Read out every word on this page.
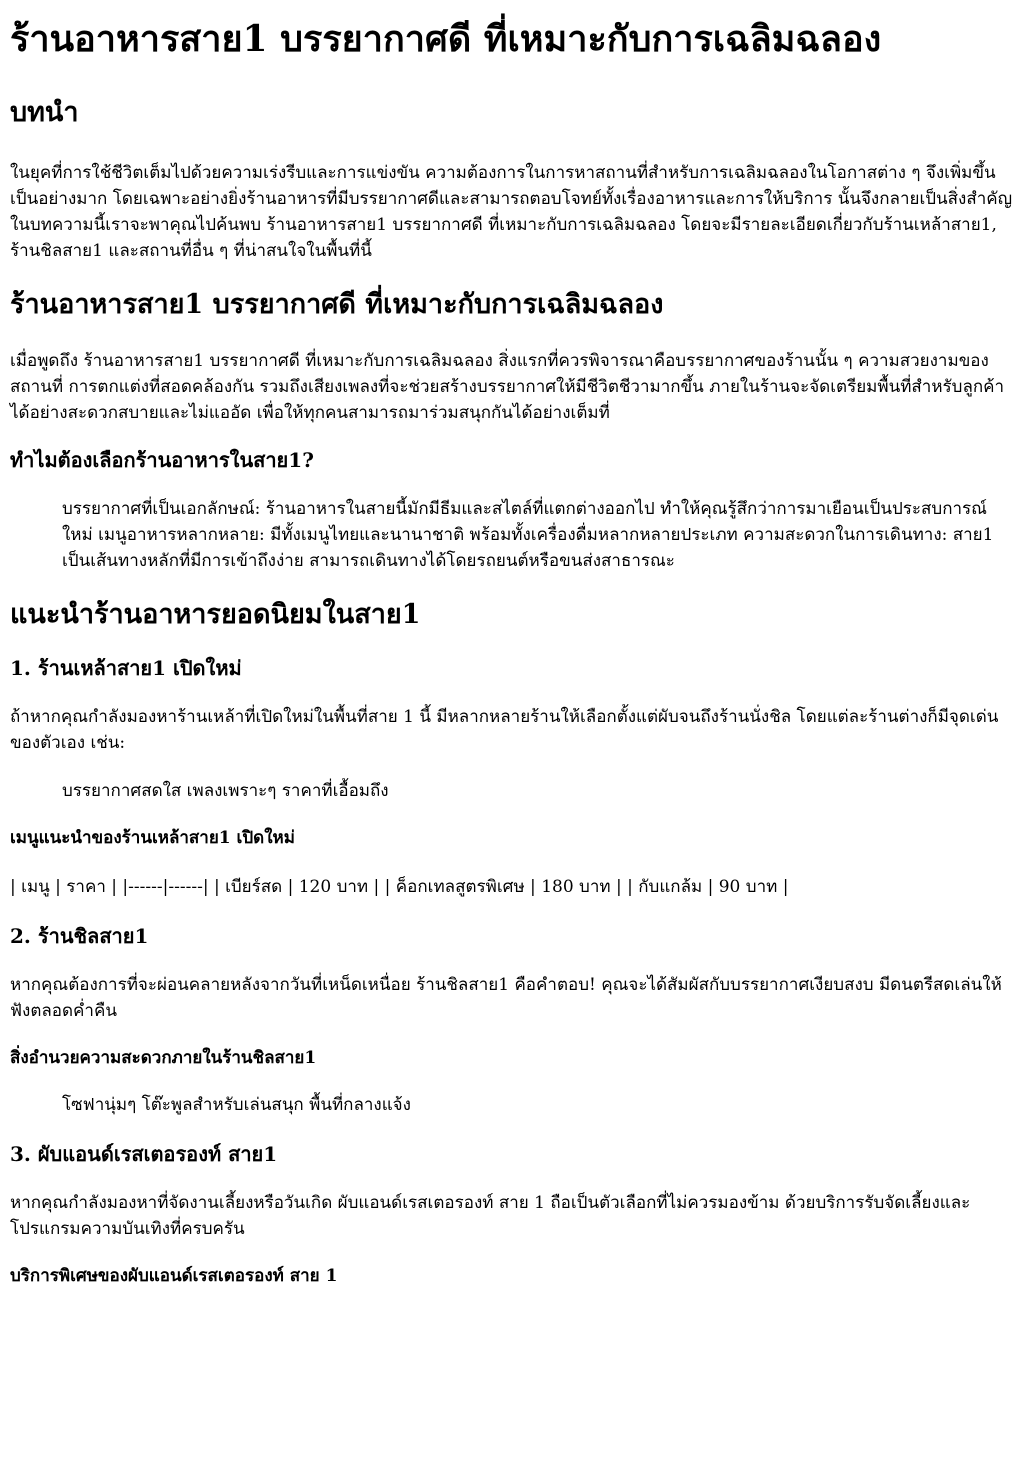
ร้านอาหารสาย1 บรรยากาศดี ที่เหมาะกับการเฉลิมฉลอง
บทนำ

ในยุคที่การใช้ชีวิตเต็มไปด้วยความเร่งรีบและการแข่งขัน ความต้องการในการหาสถานที่สำหรับการเฉลิมฉลองในโอกาสต่าง ๆ จึงเพิ่มขึ้นเป็นอย่างมาก โดยเฉพาะอย่างยิ่งร้านอาหารที่มีบรรยากาศดีและสามารถตอบโจทย์ทั้งเรื่องอาหารและการให้บริการ นั้นจึงกลายเป็นสิ่งสำคัญ ในบทความนี้เราจะพาคุณไปค้นพบ ร้านอาหารสาย1 บรรยากาศดี ที่เหมาะกับการเฉลิมฉลอง โดยจะมีรายละเอียดเกี่ยวกับร้านเหล้าสาย1, ร้านชิลสาย1 และสถานที่อื่น ๆ ที่น่าสนใจในพื้นที่นี้

ร้านอาหารสาย1 บรรยากาศดี ที่เหมาะกับการเฉลิมฉลอง

เมื่อพูดถึง ร้านอาหารสาย1 บรรยากาศดี ที่เหมาะกับการเฉลิมฉลอง สิ่งแรกที่ควรพิจารณาคือบรรยากาศของร้านนั้น ๆ ความสวยงามของสถานที่ การตกแต่งที่สอดคล้องกัน รวมถึงเสียงเพลงที่จะช่วยสร้างบรรยากาศให้มีชีวิตชีวามากขึ้น ภายในร้านจะจัดเตรียมพื้นที่สำหรับลูกค้าได้อย่างสะดวกสบายและไม่แออัด เพื่อให้ทุกคนสามารถมาร่วมสนุกกันได้อย่างเต็มที่

ทำไมต้องเลือกร้านอาหารในสาย1?
บรรยากาศที่เป็นเอกลักษณ์: ร้านอาหารในสายนี้มักมีธีมและสไตล์ที่แตกต่างออกไป ทำให้คุณรู้สึกว่าการมาเยือนเป็นประสบการณ์ใหม่ เมนูอาหารหลากหลาย: มีทั้งเมนูไทยและนานาชาติ พร้อมทั้งเครื่องดื่มหลากหลายประเภท ความสะดวกในการเดินทาง: สาย1 เป็นเส้นทางหลักที่มีการเข้าถึงง่าย สามารถเดินทางได้โดยรถยนต์หรือขนส่งสาธารณะ
แนะนำร้านอาหารยอดนิยมในสาย1
1. ร้านเหล้าสาย1 เปิดใหม่

ถ้าหากคุณกำลังมองหาร้านเหล้าที่เปิดใหม่ในพื้นที่สาย 1 นี้ มีหลากหลายร้านให้เลือกตั้งแต่ผับจนถึงร้านนั่งชิล โดยแต่ละร้านต่างก็มีจุดเด่นของตัวเอง เช่น:

บรรยากาศสดใส เพลงเพราะๆ ราคาที่เอื้อมถึง
เมนูแนะนำของร้านเหล้าสาย1 เปิดใหม่

| เมนู | ราคา | |------|------| | เบียร์สด | 120 บาท | | ค็อกเทลสูตรพิเศษ | 180 บาท | | กับแกล้ม | 90 บาท |

2. ร้านชิลสาย1

หากคุณต้องการที่จะผ่อนคลายหลังจากวันที่เหน็ดเหนื่อย ร้านชิลสาย1 คือคำตอบ! คุณจะได้สัมผัสกับบรรยากาศเงียบสงบ มีดนตรีสดเล่นให้ฟังตลอดค่ำคืน

สิ่งอำนวยความสะดวกภายในร้านชิลสาย1
โซฟานุ่มๆ โต๊ะพูลสำหรับเล่นสนุก พื้นที่กลางแจ้ง
3. ผับแอนด์เรสเตอรองท์ สาย1

หากคุณกำลังมองหาที่จัดงานเลี้ยงหรือวันเกิด ผับแอนด์เรสเตอรองท์ สาย 1 ถือเป็นตัวเลือกที่ไม่ควรมองข้าม ด้วยบริการรับจัดเลี้ยงและโปรแกรมความบันเทิงที่ครบครัน

บริการพิเศษของผับแอนด์เรสเตอรองท์ สาย 1
